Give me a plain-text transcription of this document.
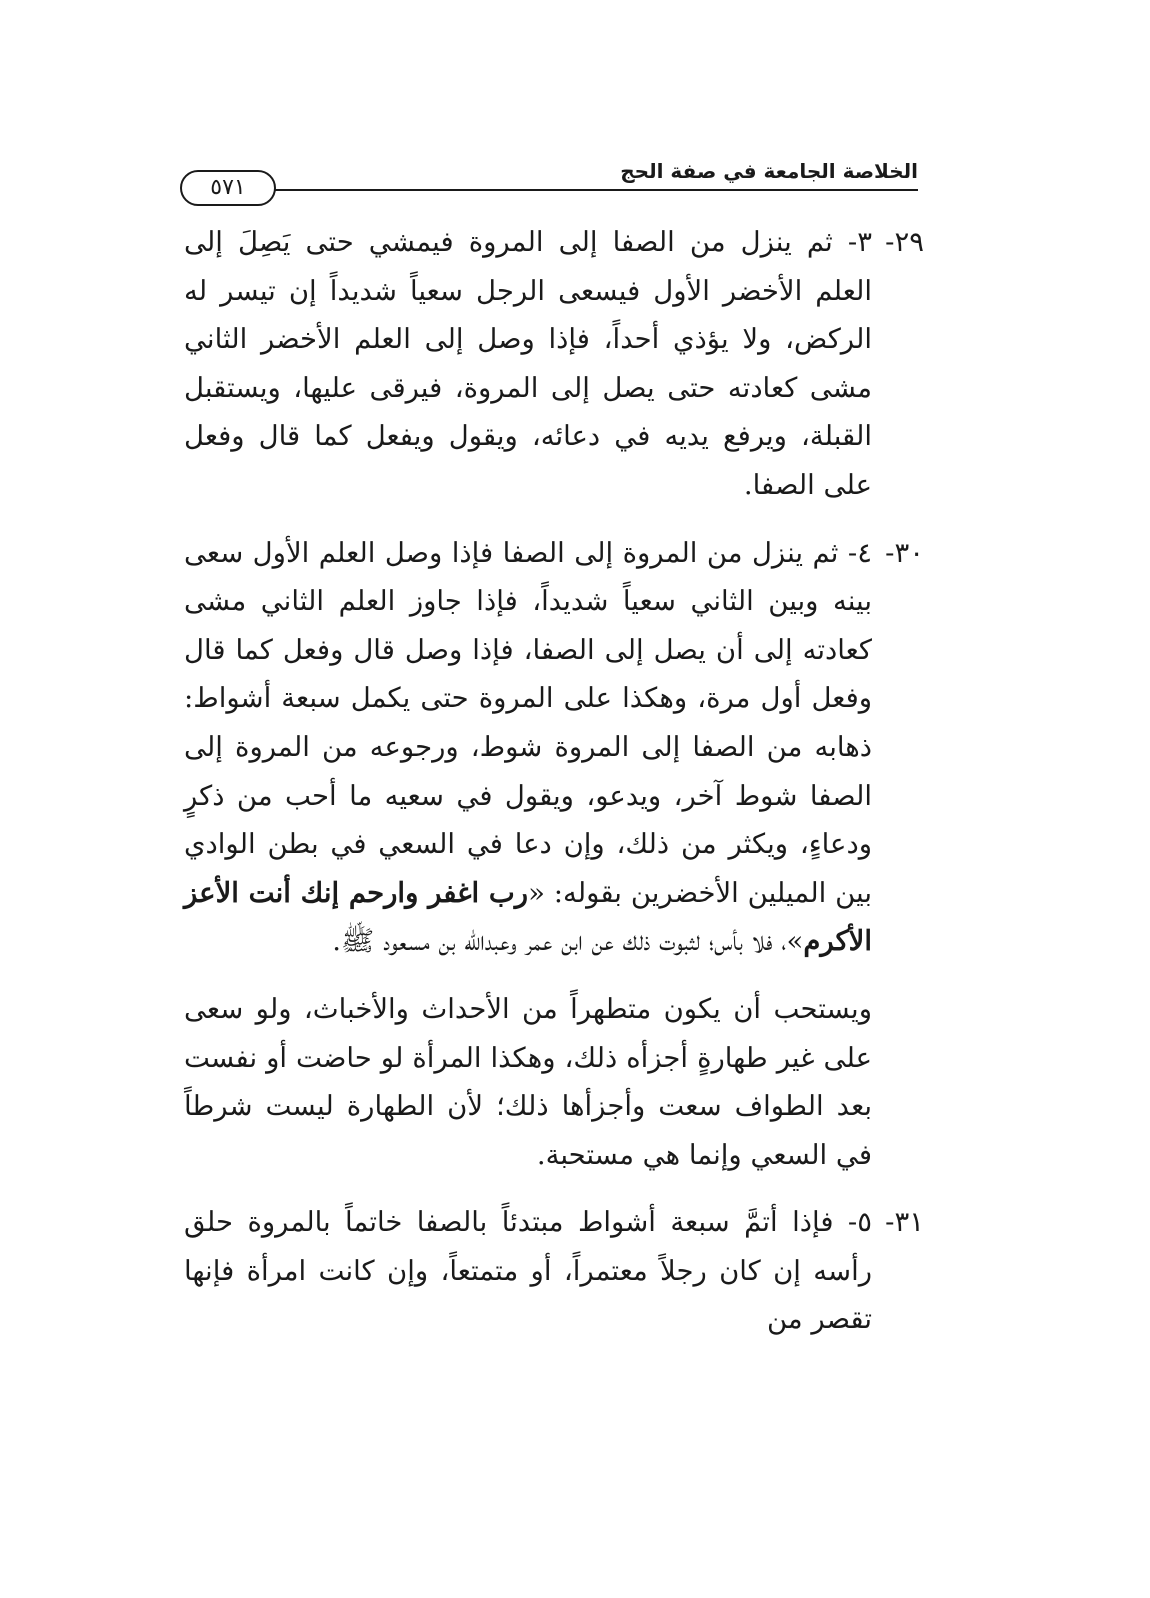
الخلاصة الجامعة في صفة الحج
٥٧١
٢٩-
٣- ثم ينزل من الصفا إلى المروة فيمشي حتى يَصِلَ إلى العلم الأخضر الأول فيسعى الرجل سعياً شديداً إن تيسر له الركض، ولا يؤذي أحداً، فإذا وصل إلى العلم الأخضر الثاني مشى كعادته حتى يصل إلى المروة، فيرقى عليها، ويستقبل القبلة، ويرفع يديه في دعائه، ويقول ويفعل كما قال وفعل على الصفا.
٣٠-
٤- ثم ينزل من المروة إلى الصفا فإذا وصل العلم الأول سعى بينه وبين الثاني سعياً شديداً، فإذا جاوز العلم الثاني مشى كعادته إلى أن يصل إلى الصفا، فإذا وصل قال وفعل كما قال وفعل أول مرة، وهكذا على المروة حتى يكمل سبعة أشواط: ذهابه من الصفا إلى المروة شوط، ورجوعه من المروة إلى الصفا شوط آخر، ويدعو، ويقول في سعيه ما أحب من ذكرٍ ودعاءٍ، ويكثر من ذلك، وإن دعا في السعي في بطن الوادي بين الميلين الأخضرين بقوله: «رب اغفر وارحم إنك أنت الأعز الأكرم»، فلا بأس؛ لثبوت ذلك عن ابن عمر وعبدالله بن مسعود ﷺ.
ويستحب أن يكون متطهراً من الأحداث والأخباث، ولو سعى على غير طهارةٍ أجزأه ذلك، وهكذا المرأة لو حاضت أو نفست بعد الطواف سعت وأجزأها ذلك؛ لأن الطهارة ليست شرطاً في السعي وإنما هي مستحبة.
٣١-
٥- فإذا أتمَّ سبعة أشواط مبتدئاً بالصفا خاتماً بالمروة حلق رأسه إن كان رجلاً معتمراً، أو متمتعاً، وإن كانت امرأة فإنها تقصر من
